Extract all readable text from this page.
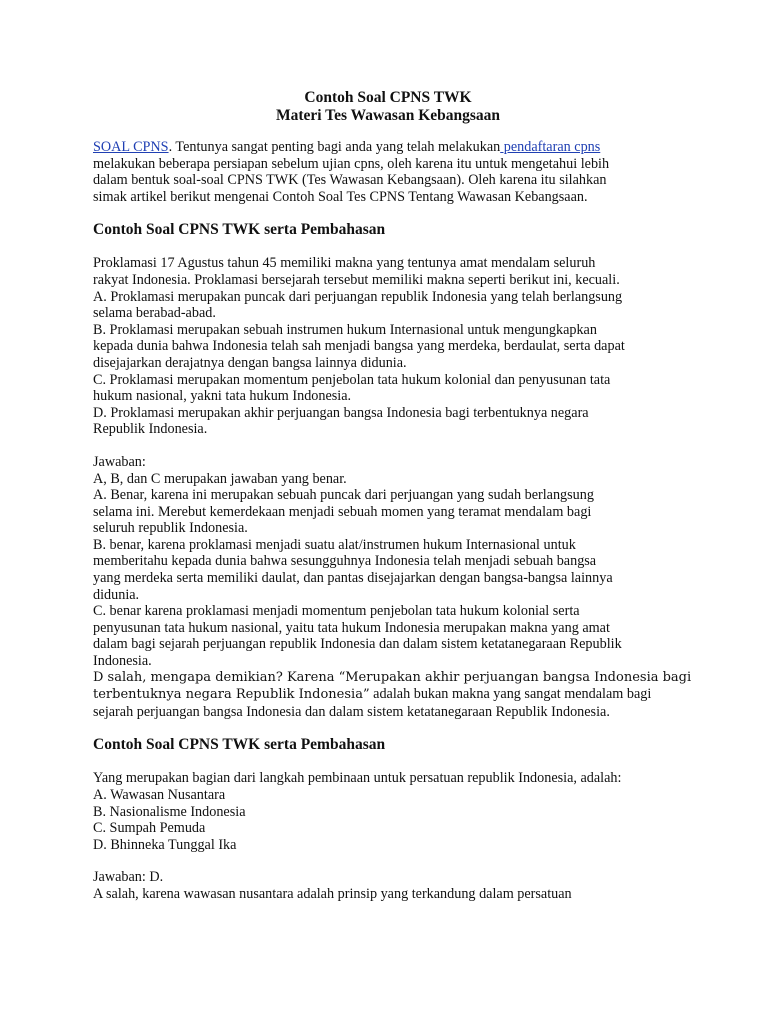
Contoh Soal CPNS TWK
Materi Tes Wawasan Kebangsaan
SOAL CPNS. Tentunya sangat penting bagi anda yang telah melakukan pendaftaran cpns
melakukan beberapa persiapan sebelum ujian cpns, oleh karena itu untuk mengetahui lebih
dalam bentuk soal-soal CPNS TWK (Tes Wawasan Kebangsaan). Oleh karena itu silahkan
simak artikel berikut mengenai Contoh Soal Tes CPNS Tentang Wawasan Kebangsaan.
Contoh Soal CPNS TWK serta Pembahasan
Proklamasi 17 Agustus tahun 45 memiliki makna yang tentunya amat mendalam seluruh
rakyat Indonesia. Proklamasi bersejarah tersebut memiliki makna seperti berikut ini, kecuali.
A. Proklamasi merupakan puncak dari perjuangan republik Indonesia yang telah berlangsung
selama berabad-abad.
B. Proklamasi merupakan sebuah instrumen hukum Internasional untuk mengungkapkan
kepada dunia bahwa Indonesia telah sah menjadi bangsa yang merdeka, berdaulat, serta dapat
disejajarkan derajatnya dengan bangsa lainnya didunia.
C. Proklamasi merupakan momentum penjebolan tata hukum kolonial dan penyusunan tata
hukum nasional, yakni tata hukum Indonesia.
D. Proklamasi merupakan akhir perjuangan bangsa Indonesia bagi terbentuknya negara
Republik Indonesia.
Jawaban:
A, B, dan C merupakan jawaban yang benar.
A. Benar, karena ini merupakan sebuah puncak dari perjuangan yang sudah berlangsung
selama ini. Merebut kemerdekaan menjadi sebuah momen yang teramat mendalam bagi
seluruh republik Indonesia.
B. benar, karena proklamasi menjadi suatu alat/instrumen hukum Internasional untuk
memberitahu kepada dunia bahwa sesungguhnya Indonesia telah menjadi sebuah bangsa
yang merdeka serta memiliki daulat, dan pantas disejajarkan dengan bangsa-bangsa lainnya
didunia.
C. benar karena proklamasi menjadi momentum penjebolan tata hukum kolonial serta
penyusunan tata hukum nasional, yaitu tata hukum Indonesia merupakan makna yang amat
dalam bagi sejarah perjuangan republik Indonesia dan dalam sistem ketatanegaraan Republik
Indonesia.
D salah, mengapa demikian? Karena “Merupakan akhir perjuangan bangsa Indonesia bagi
terbentuknya negara Republik Indonesia” adalah bukan makna yang sangat mendalam bagi
sejarah perjuangan bangsa Indonesia dan dalam sistem ketatanegaraan Republik Indonesia.
Contoh Soal CPNS TWK serta Pembahasan
Yang merupakan bagian dari langkah pembinaan untuk persatuan republik Indonesia, adalah:
A. Wawasan Nusantara
B. Nasionalisme Indonesia
C. Sumpah Pemuda
D. Bhinneka Tunggal Ika
Jawaban: D.
A salah, karena wawasan nusantara adalah prinsip yang terkandung dalam persatuan
